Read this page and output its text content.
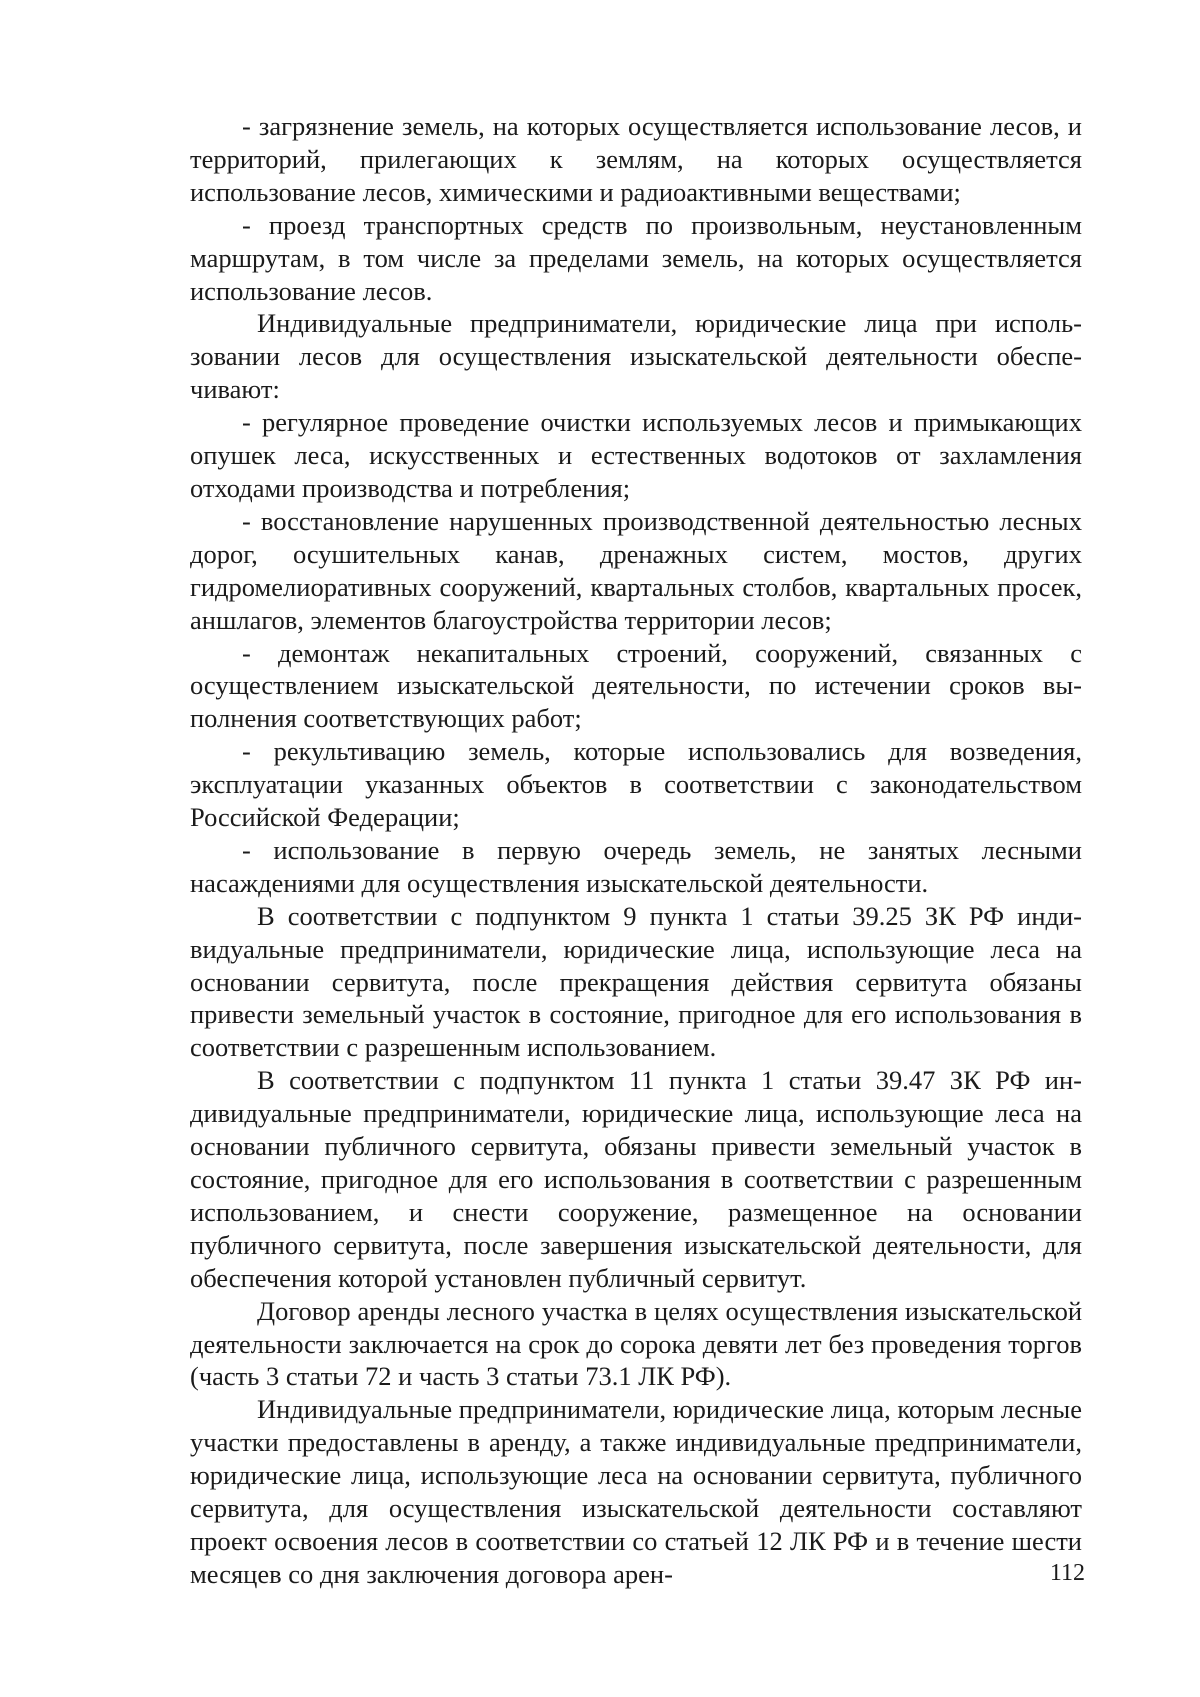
- загрязнение земель, на которых осуществляется использование лесов, и территорий, прилегающих к землям, на которых осуществляется использование лесов, химическими и радиоактивными веществами;

- проезд транспортных средств по произвольным, неустановленным маршрутам, в том числе за пределами земель, на которых осуществляется использование лесов.

Индивидуальные предприниматели, юридические лица при использовании лесов для осуществления изыскательской деятельности обеспечивают:

- регулярное проведение очистки используемых лесов и примыкающих опушек леса, искусственных и естественных водотоков от захламления отходами производства и потребления;

- восстановление нарушенных производственной деятельностью лесных дорог, осушительных канав, дренажных систем, мостов, других гидромелиоративных сооружений, квартальных столбов, квартальных просек, аншлагов, элементов благоустройства территории лесов;

- демонтаж некапитальных строений, сооружений, связанных с осуществлением изыскательской деятельности, по истечении сроков выполнения соответствующих работ;

- рекультивацию земель, которые использовались для возведения, эксплуатации указанных объектов в соответствии с законодательством Российской Федерации;

- использование в первую очередь земель, не занятых лесными насаждениями для осуществления изыскательской деятельности.

В соответствии с подпунктом 9 пункта 1 статьи 39.25 ЗК РФ индивидуальные предприниматели, юридические лица, использующие леса на основании сервитута, после прекращения действия сервитута обязаны привести земельный участок в состояние, пригодное для его использования в соответствии с разрешенным использованием.

В соответствии с подпунктом 11 пункта 1 статьи 39.47 ЗК РФ индивидуальные предприниматели, юридические лица, использующие леса на основании публичного сервитута, обязаны привести земельный участок в состояние, пригодное для его использования в соответствии с разрешенным использованием, и снести сооружение, размещенное на основании публичного сервитута, после завершения изыскательской деятельности, для обеспечения которой установлен публичный сервитут.

Договор аренды лесного участка в целях осуществления изыскательской деятельности заключается на срок до сорока девяти лет без проведения торгов (часть 3 статьи 72 и часть 3 статьи 73.1 ЛК РФ).

Индивидуальные предприниматели, юридические лица, которым лесные участки предоставлены в аренду, а также индивидуальные предприниматели, юридические лица, использующие леса на основании сервитута, публичного сервитута, для осуществления изыскательской деятельности составляют проект освоения лесов в соответствии со статьей 12 ЛК РФ и в течение шести месяцев со дня заключения договора арен-	112
